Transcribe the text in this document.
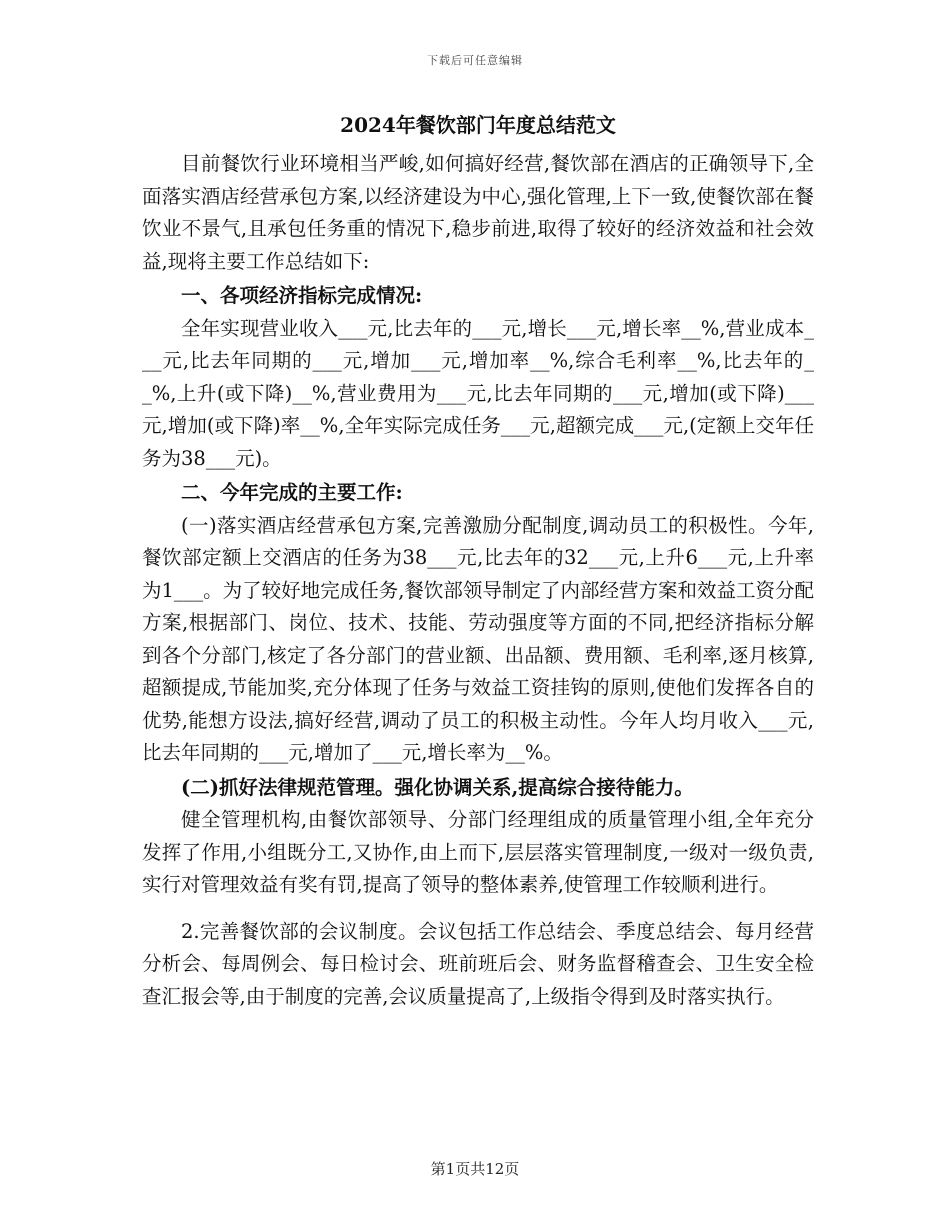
下载后可任意编辑
2024年餐饮部门年度总结范文

目前餐饮行业环境相当严峻,如何搞好经营,餐饮部在酒店的正确领导下,全面落实酒店经营承包方案,以经济建设为中心,强化管理,上下一致,使餐饮部在餐饮业不景气,且承包任务重的情况下,稳步前进,取得了较好的经济效益和社会效益,现将主要工作总结如下:

一、各项经济指标完成情况:

全年实现营业收入___元,比去年的___元,增长___元,增长率__%,营业成本___元,比去年同期的___元,增加___元,增加率__%,综合毛利率__%,比去年的__%,上升(或下降)__%,营业费用为___元,比去年同期的___元,增加(或下降)___元,增加(或下降)率__%,全年实际完成任务___元,超额完成___元,(定额上交年任务为38___元)。

二、今年完成的主要工作:

(一)落实酒店经营承包方案,完善激励分配制度,调动员工的积极性。今年,餐饮部定额上交酒店的任务为38___元,比去年的32___元,上升6___元,上升率为1___。为了较好地完成任务,餐饮部领导制定了内部经营方案和效益工资分配方案,根据部门、岗位、技术、技能、劳动强度等方面的不同,把经济指标分解到各个分部门,核定了各分部门的营业额、出品额、费用额、毛利率,逐月核算,超额提成,节能加奖,充分体现了任务与效益工资挂钩的原则,使他们发挥各自的优势,能想方设法,搞好经营,调动了员工的积极主动性。今年人均月收入___元,比去年同期的___元,增加了___元,增长率为__%。

(二)抓好法律规范管理。强化协调关系,提高综合接待能力。

健全管理机构,由餐饮部领导、分部门经理组成的质量管理小组,全年充分发挥了作用,小组既分工,又协作,由上而下,层层落实管理制度,一级对一级负责,实行对管理效益有奖有罚,提高了领导的整体素养,使管理工作较顺利进行。

2.完善餐饮部的会议制度。会议包括工作总结会、季度总结会、每月经营分析会、每周例会、每日检讨会、班前班后会、财务监督稽查会、卫生安全检查汇报会等,由于制度的完善,会议质量提高了,上级指令得到及时落实执行。

第1页共12页
